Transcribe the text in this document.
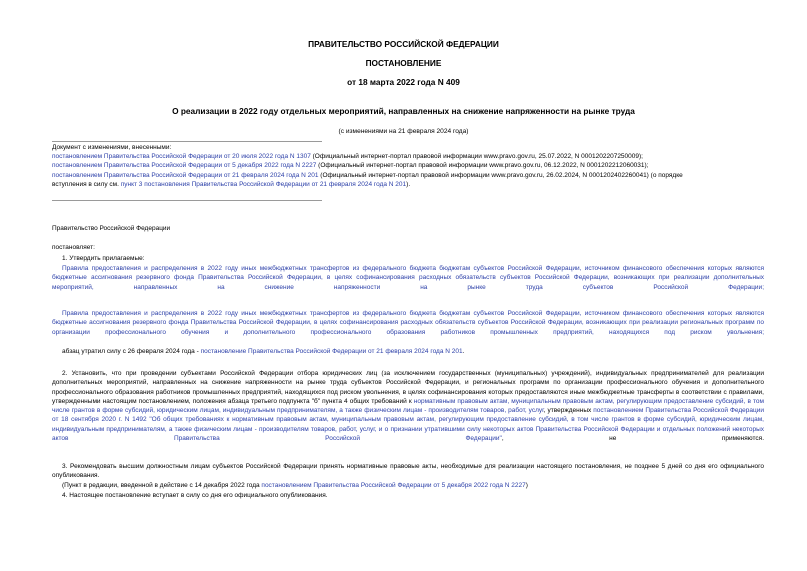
ПРАВИТЕЛЬСТВО РОССИЙСКОЙ ФЕДЕРАЦИИ
ПОСТАНОВЛЕНИЕ
от 18 марта 2022 года N 409
О реализации в 2022 году отдельных мероприятий, направленных на снижение напряженности на рынке труда
(с изменениями на 21 февраля 2024 года)
Документ с изменениями, внесенными:
постановлением Правительства Российской Федерации от 20 июля 2022 года N 1307 (Официальный интернет-портал правовой информации www.pravo.gov.ru, 25.07.2022, N 0001202207250009);
постановлением Правительства Российской Федерации от 5 декабря 2022 года N 2227 (Официальный интернет-портал правовой информации www.pravo.gov.ru, 06.12.2022, N 0001202212060031);
постановлением Правительства Российской Федерации от 21 февраля 2024 года N 201 (Официальный интернет-портал правовой информации www.pravo.gov.ru, 26.02.2024, N 0001202402260041) (о порядке
вступления в силу см. пункт 3 постановления Правительства Российской Федерации от 21 февраля 2024 года N 201).
Правительство Российской Федерации
постановляет:
1. Утвердить прилагаемые:
Правила предоставления и распределения в 2022 году иных межбюджетных трансфертов из федерального бюджета бюджетам субъектов Российской Федерации, источником финансового обеспечения которых являются бюджетные ассигнования резервного фонда Правительства Российской Федерации, в целях софинансирования расходных обязательств субъектов Российской Федерации, возникающих при реализации дополнительных мероприятий, направленных на снижение напряженности на рынке труда субъектов Российской Федерации;
Правила предоставления и распределения в 2022 году иных межбюджетных трансфертов из федерального бюджета бюджетам субъектов Российской Федерации, источником финансового обеспечения которых являются бюджетные ассигнования резервного фонда Правительства Российской Федерации, в целях софинансирования расходных обязательств субъектов Российской Федерации, возникающих при реализации региональных программ по организации профессионального обучения и дополнительного профессионального образования работников промышленных предприятий, находящихся под риском увольнения;
абзац утратил силу с 26 февраля 2024 года - постановление Правительства Российской Федерации от 21 февраля 2024 года N 201.
2. Установить, что при проведении субъектами Российской Федерации отбора юридических лиц (за исключением государственных (муниципальных) учреждений), индивидуальных предпринимателей для реализации дополнительных мероприятий, направленных на снижение напряженности на рынке труда субъектов Российской Федерации, и региональных программ по организации профессионального обучения и дополнительного профессионального образования работников промышленных предприятий, находящихся под риском увольнения, в целях софинансирования которых предоставляются иные межбюджетные трансферты в соответствии с правилами, утвержденными настоящим постановлением, положения абзаца третьего подпункта "б" пункта 4 общих требований к нормативным правовым актам, муниципальным правовым актам, регулирующим предоставление субсидий, в том числе грантов в форме субсидий, юридическим лицам, индивидуальным предпринимателям, а также физическим лицам - производителям товаров, работ, услуг, утвержденных постановлением Правительства Российской Федерации от 18 сентября 2020 г. N 1492 "Об общих требованиях к нормативным правовым актам, муниципальным правовым актам, регулирующим предоставление субсидий, в том числе грантов в форме субсидий, юридическим лицам, индивидуальным предпринимателям, а также физическим лицам - производителям товаров, работ, услуг, и о признании утратившими силу некоторых актов Правительства Российской Федерации и отдельных положений некоторых актов Правительства Российской Федерации", не применяются.
3. Рекомендовать высшим должностным лицам субъектов Российской Федерации принять нормативные правовые акты, необходимые для реализации настоящего постановления, не позднее 5 дней со дня его официального опубликования.
(Пункт в редакции, введенной в действие с 14 декабря 2022 года постановлением Правительства Российской Федерации от 5 декабря 2022 года N 2227)
4. Настоящее постановление вступает в силу со дня его официального опубликования.
